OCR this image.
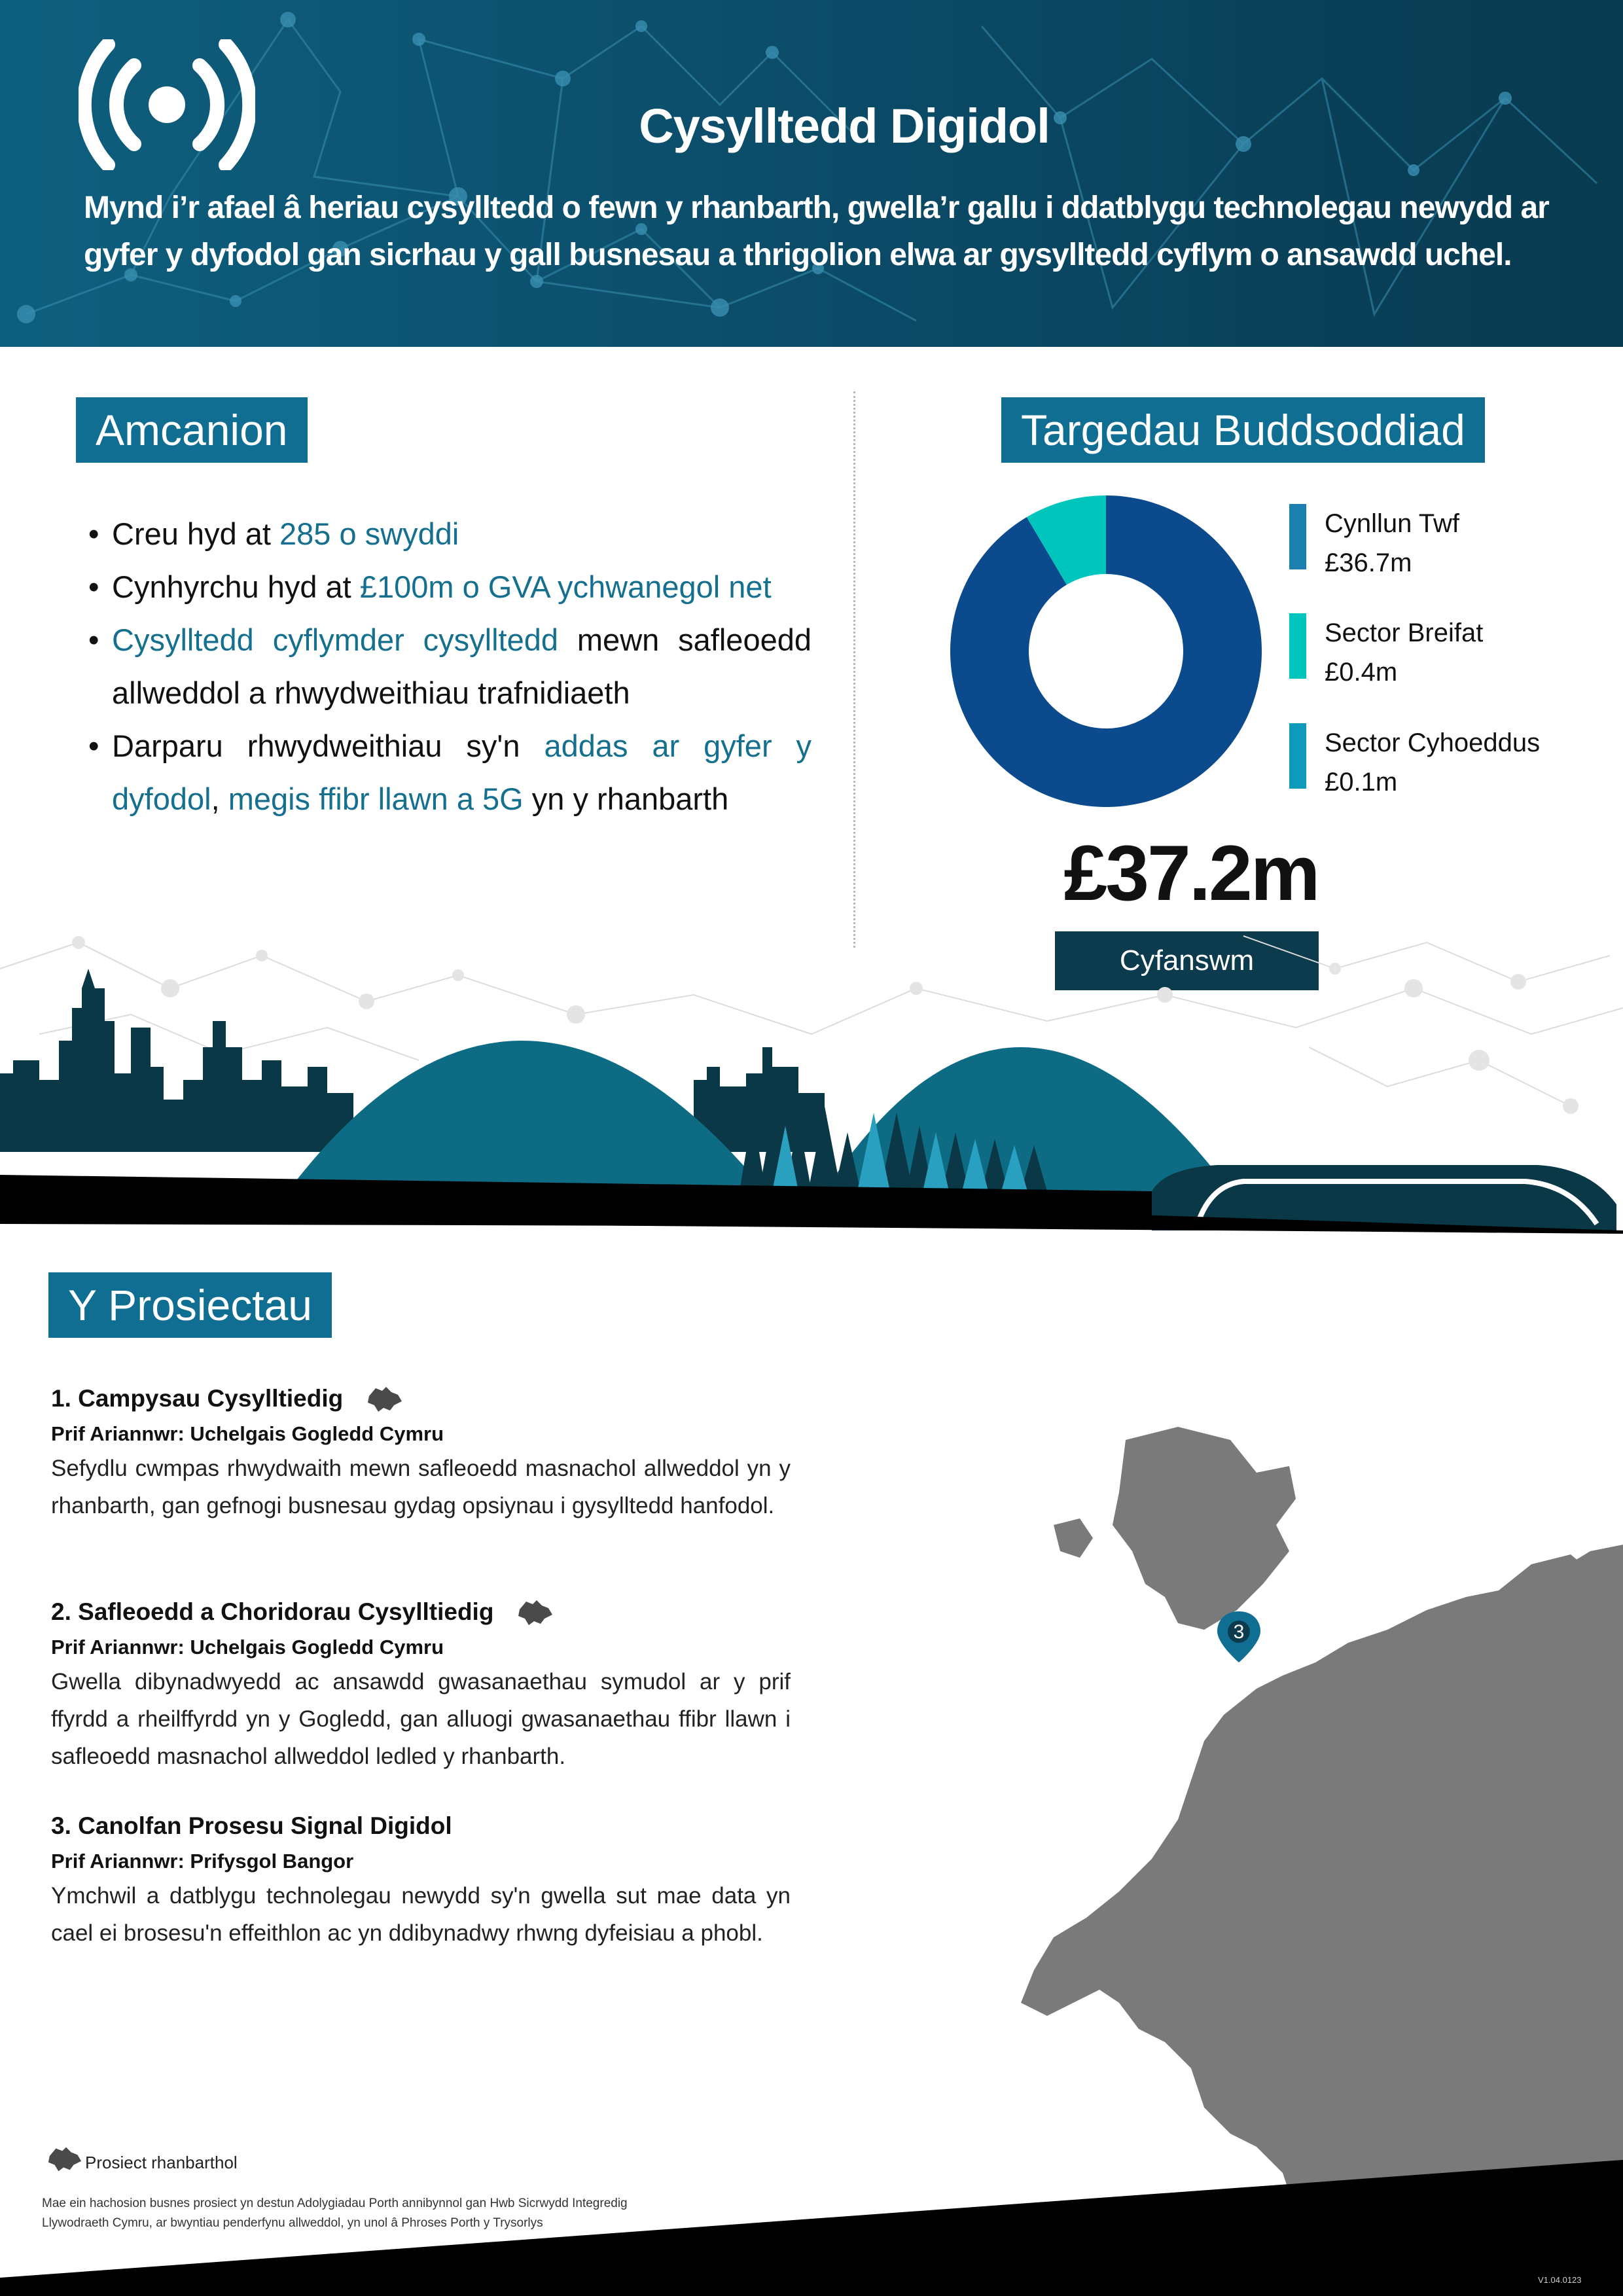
Cysylltedd Digidol
Mynd i’r afael â heriau cysylltedd o fewn y rhanbarth, gwella’r gallu i ddatblygu technolegau newydd ar gyfer y dyfodol gan sicrhau y gall busnesau a thrigolion elwa ar gysylltedd cyflym o ansawdd uchel.
Amcanion
• Creu hyd at 285 o swyddi
• Cynhyrchu hyd at £100m o GVA ychwanegol net
• Cysylltedd cyflymder cysylltedd mewn safleoedd allweddol a rhwydweithiau trafnidiaeth
• Darparu rhwydweithiau sy'n addas ar gyfer y dyfodol, megis ffibr llawn a 5G yn y rhanbarth
Targedau Buddsoddiad
Cynllun Twf
£36.7m
Sector Breifat
£0.4m
Sector Cyhoeddus
£0.1m
£37.2m
Cyfanswm
Y Prosiectau
1. Campysau Cysylltiedig
Prif Ariannwr: Uchelgais Gogledd Cymru
Sefydlu cwmpas rhwydwaith mewn safleoedd masnachol allweddol yn y rhanbarth, gan gefnogi busnesau gydag opsiynau i gysylltedd hanfodol.
2. Safleoedd a Choridorau Cysylltiedig
Prif Ariannwr: Uchelgais Gogledd Cymru
Gwella dibynadwyedd ac ansawdd gwasanaethau symudol ar y prif ffyrdd a rheilffyrdd yn y Gogledd, gan alluogi gwasanaethau ffibr llawn i safleoedd masnachol allweddol ledled y rhanbarth.
3. Canolfan Prosesu Signal Digidol
Prif Ariannwr: Prifysgol Bangor
Ymchwil a datblygu technolegau newydd sy'n gwella sut mae data yn cael ei brosesu'n effeithlon ac yn ddibynadwy rhwng dyfeisiau a phobl.
3
Prosiect rhanbarthol
Mae ein hachosion busnes prosiect yn destun Adolygiadau Porth annibynnol gan Hwb Sicrwydd Integredig
Llywodraeth Cymru, ar bwyntiau penderfynu allweddol, yn unol â Phroses Porth y Trysorlys
V1.04.0123
